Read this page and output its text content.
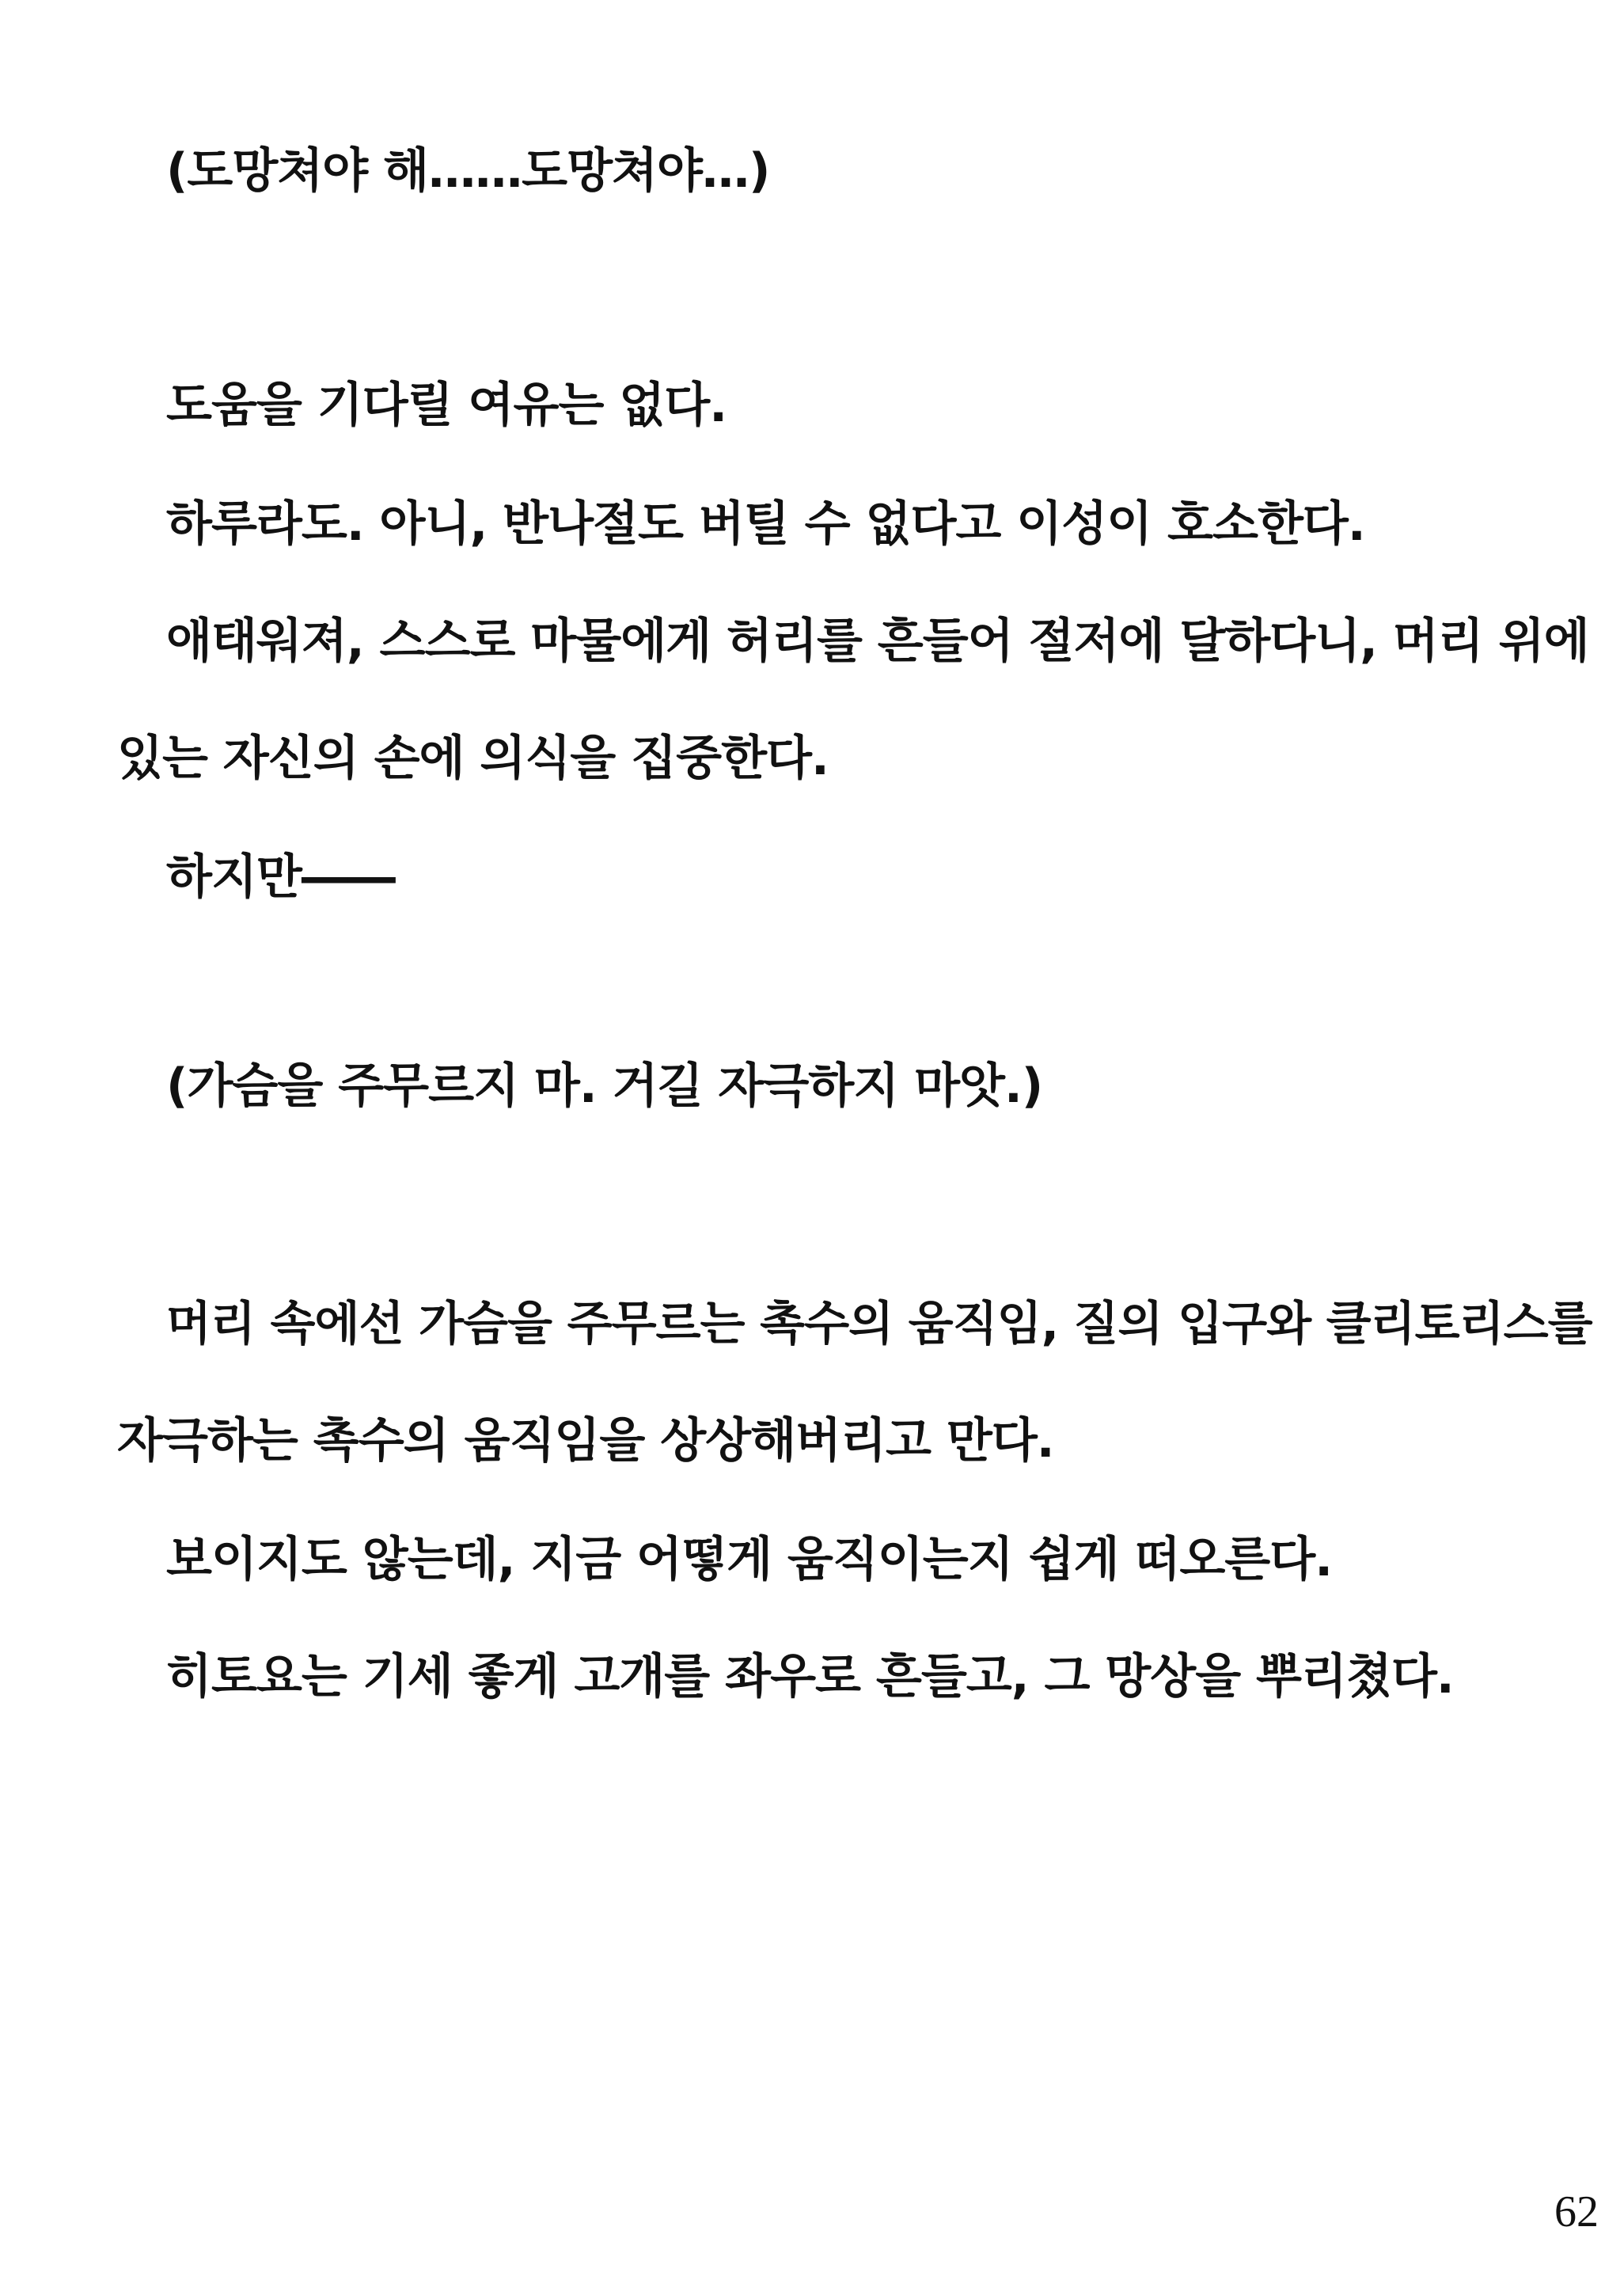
(도망쳐야 해……도망쳐야…)
도움을 기다릴 여유는 없다.
하루라도. 아니, 반나절도 버틸 수 없다고 이성이 호소한다.
애태워져, 스스로 마물에게 허리를 흔들어 절저에 달하다니, 머리 위에
있는 자신의 손에 의식을 집중한다.
하지만――
(가슴을 주무르지 마. 거길 자극하지 마앗.)
머리 속에선 가슴을 주무르는 촉수의 움직임, 질의 입구와 클리토리스를
자극하는 촉수의 움직임을 상상해버리고 만다.
보이지도 않는데, 지금 어떻게 움직이는지 쉽게 떠오른다.
히토요는 기세 좋게 고개를 좌우로 흔들고, 그 망상을 뿌리쳤다.
62
